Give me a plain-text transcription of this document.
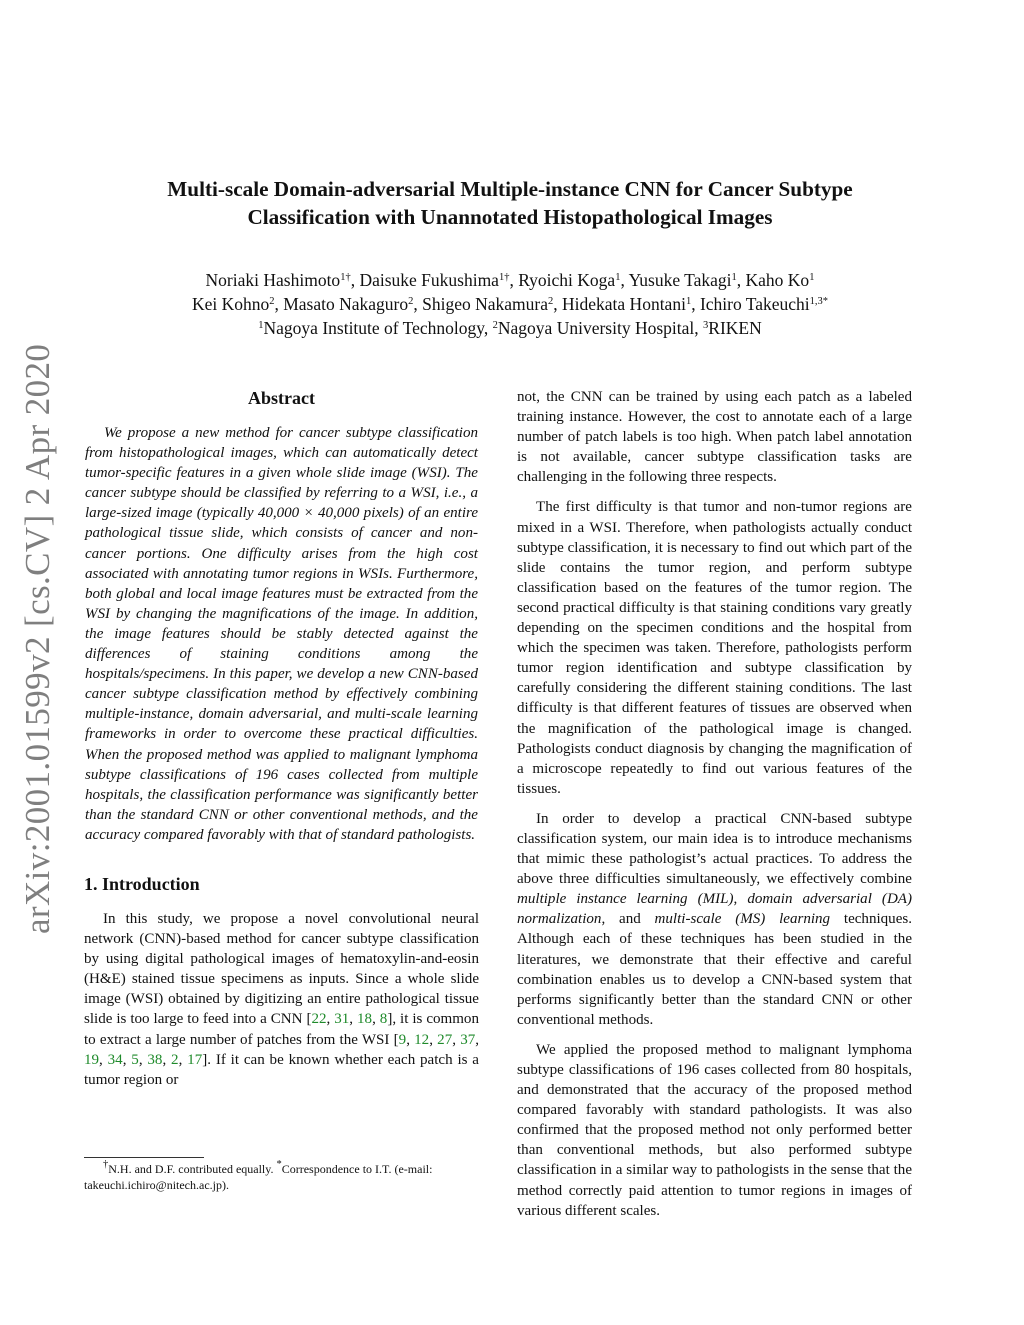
arXiv:2001.01599v2 [cs.CV] 2 Apr 2020
Multi-scale Domain-adversarial Multiple-instance CNN for Cancer Subtype
Classification with Unannotated Histopathological Images
Noriaki Hashimoto$^{1\dagger}$, Daisuke Fukushima$^{1\dagger}$, Ryoichi Koga$^1$, Yusuke Takagi$^1$, Kaho Ko$^1$
Kei Kohno$^2$, Masato Nakaguro$^2$, Shigeo Nakamura$^2$, Hidekata Hontani$^1$, Ichiro Takeuchi$^{1,3*}$
$^1$Nagoya Institute of Technology, $^2$Nagoya University Hospital, $^3$RIKEN
Abstract

We propose a new method for cancer subtype classification from histopathological images, which can automatically detect tumor-specific features in a given whole slide image (WSI). The cancer subtype should be classified by referring to a WSI, i.e., a large-sized image (typically 40,000 × 40,000 pixels) of an entire pathological tissue slide, which consists of cancer and non-cancer portions. One difficulty arises from the high cost associated with annotating tumor regions in WSIs. Furthermore, both global and local image features must be extracted from the WSI by changing the magnifications of the image. In addition, the image features should be stably detected against the differences of staining conditions among the hospitals/specimens. In this paper, we develop a new CNN-based cancer subtype classification method by effectively combining multiple-instance, domain adversarial, and multi-scale learning frameworks in order to overcome these practical difficulties. When the proposed method was applied to malignant lymphoma subtype classifications of 196 cases collected from multiple hospitals, the classification performance was significantly better than the standard CNN or other conventional methods, and the accuracy compared favorably with that of standard pathologists.

1. Introduction

In this study, we propose a novel convolutional neural network (CNN)-based method for cancer subtype classification by using digital pathological images of hematoxylin-and-eosin (H&E) stained tissue specimens as inputs. Since a whole slide image (WSI) obtained by digitizing an entire pathological tissue slide is too large to feed into a CNN [22, 31, 18, 8], it is common to extract a large number of patches from the WSI [9, 12, 27, 37, 19, 34, 5, 38, 2, 17]. If it can be known whether each patch is a tumor region or

†N.H. and D.F. contributed equally. *Correspondence to I.T. (e-mail:
takeuchi.ichiro@nitech.ac.jp).

not, the CNN can be trained by using each patch as a labeled training instance. However, the cost to annotate each of a large number of patch labels is too high. When patch label annotation is not available, cancer subtype classification tasks are challenging in the following three respects.

The first difficulty is that tumor and non-tumor regions are mixed in a WSI. Therefore, when pathologists actually conduct subtype classification, it is necessary to find out which part of the slide contains the tumor region, and perform subtype classification based on the features of the tumor region. The second practical difficulty is that staining conditions vary greatly depending on the specimen conditions and the hospital from which the specimen was taken. Therefore, pathologists perform tumor region identification and subtype classification by carefully considering the different staining conditions. The last difficulty is that different features of tissues are observed when the magnification of the pathological image is changed. Pathologists conduct diagnosis by changing the magnification of a microscope repeatedly to find out various features of the tissues.

In order to develop a practical CNN-based subtype classification system, our main idea is to introduce mechanisms that mimic these pathologist’s actual practices. To address the above three difficulties simultaneously, we effectively combine multiple instance learning (MIL), domain adversarial (DA) normalization, and multi-scale (MS) learning techniques. Although each of these techniques has been studied in the literatures, we demonstrate that their effective and careful combination enables us to develop a CNN-based system that performs significantly better than the standard CNN or other conventional methods.

We applied the proposed method to malignant lymphoma subtype classifications of 196 cases collected from 80 hospitals, and demonstrated that the accuracy of the proposed method compared favorably with standard pathologists. It was also confirmed that the proposed method not only performed better than conventional methods, but also performed subtype classification in a similar way to pathologists in the sense that the method correctly paid attention to tumor regions in images of various different scales.
